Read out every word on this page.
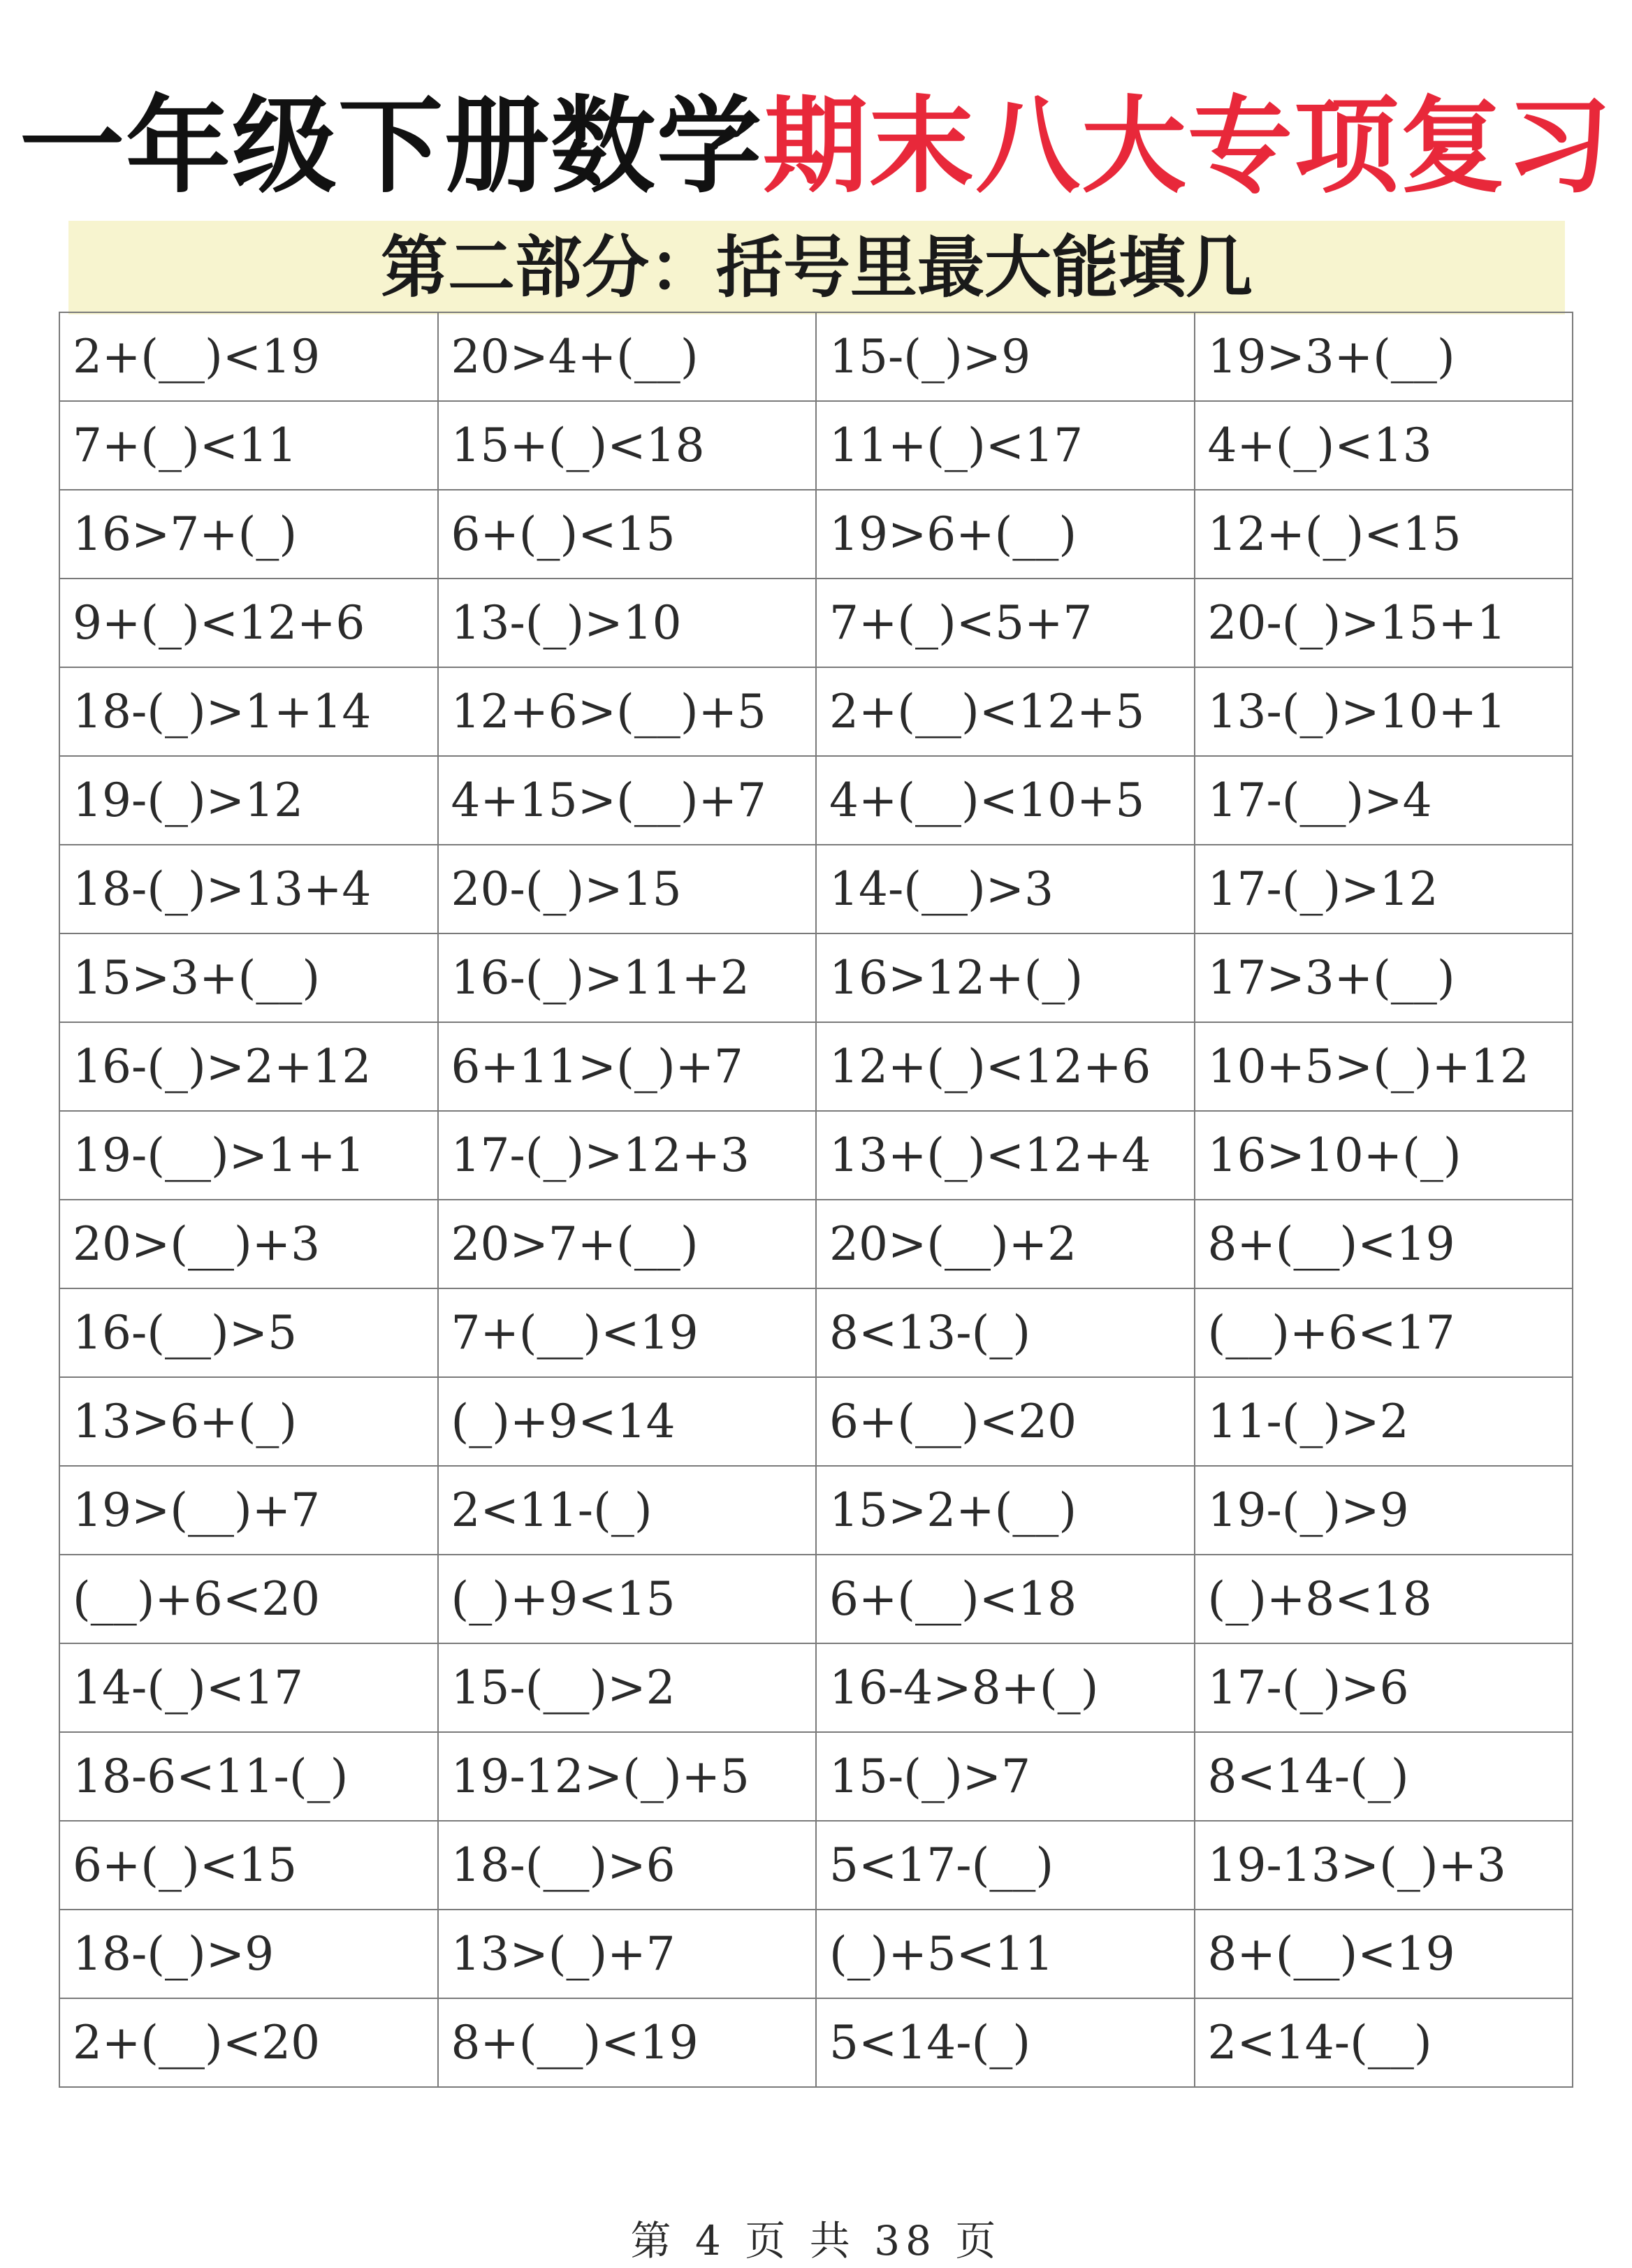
一年级下册数学期末八大专项复习
第二部分：括号里最大能填几
2+(__)<19	20>4+(__)	15-(_)>9	19>3+(__)
7+(_)<11	15+(_)<18	11+(_)<17	4+(_)<13
16>7+(_)	6+(_)<15	19>6+(__)	12+(_)<15
9+(_)<12+6	13-(_)>10	7+(_)<5+7	20-(_)>15+1
18-(_)>1+14	12+6>(__)+5	2+(__)<12+5	13-(_)>10+1
19-(_)>12	4+15>(__)+7	4+(__)<10+5	17-(__)>4
18-(_)>13+4	20-(_)>15	14-(__)>3	17-(_)>12
15>3+(__)	16-(_)>11+2	16>12+(_)	17>3+(__)
16-(_)>2+12	6+11>(_)+7	12+(_)<12+6	10+5>(_)+12
19-(__)>1+1	17-(_)>12+3	13+(_)<12+4	16>10+(_)
20>(__)+3	20>7+(__)	20>(__)+2	8+(__)<19
16-(__)>5	7+(__)<19	8<13-(_)	(__)+6<17
13>6+(_)	(_)+9<14	6+(__)<20	11-(_)>2
19>(__)+7	2<11-(_)	15>2+(__)	19-(_)>9
(__)+6<20	(_)+9<15	6+(__)<18	(_)+8<18
14-(_)<17	15-(__)>2	16-4>8+(_)	17-(_)>6
18-6<11-(_)	19-12>(_)+5	15-(_)>7	8<14-(_)
6+(_)<15	18-(__)>6	5<17-(__)	19-13>(_)+3
18-(_)>9	13>(_)+7	(_)+5<11	8+(__)<19
2+(__)<20	8+(__)<19	5<14-(_)	2<14-(__)
第 4 页 共 38 页
